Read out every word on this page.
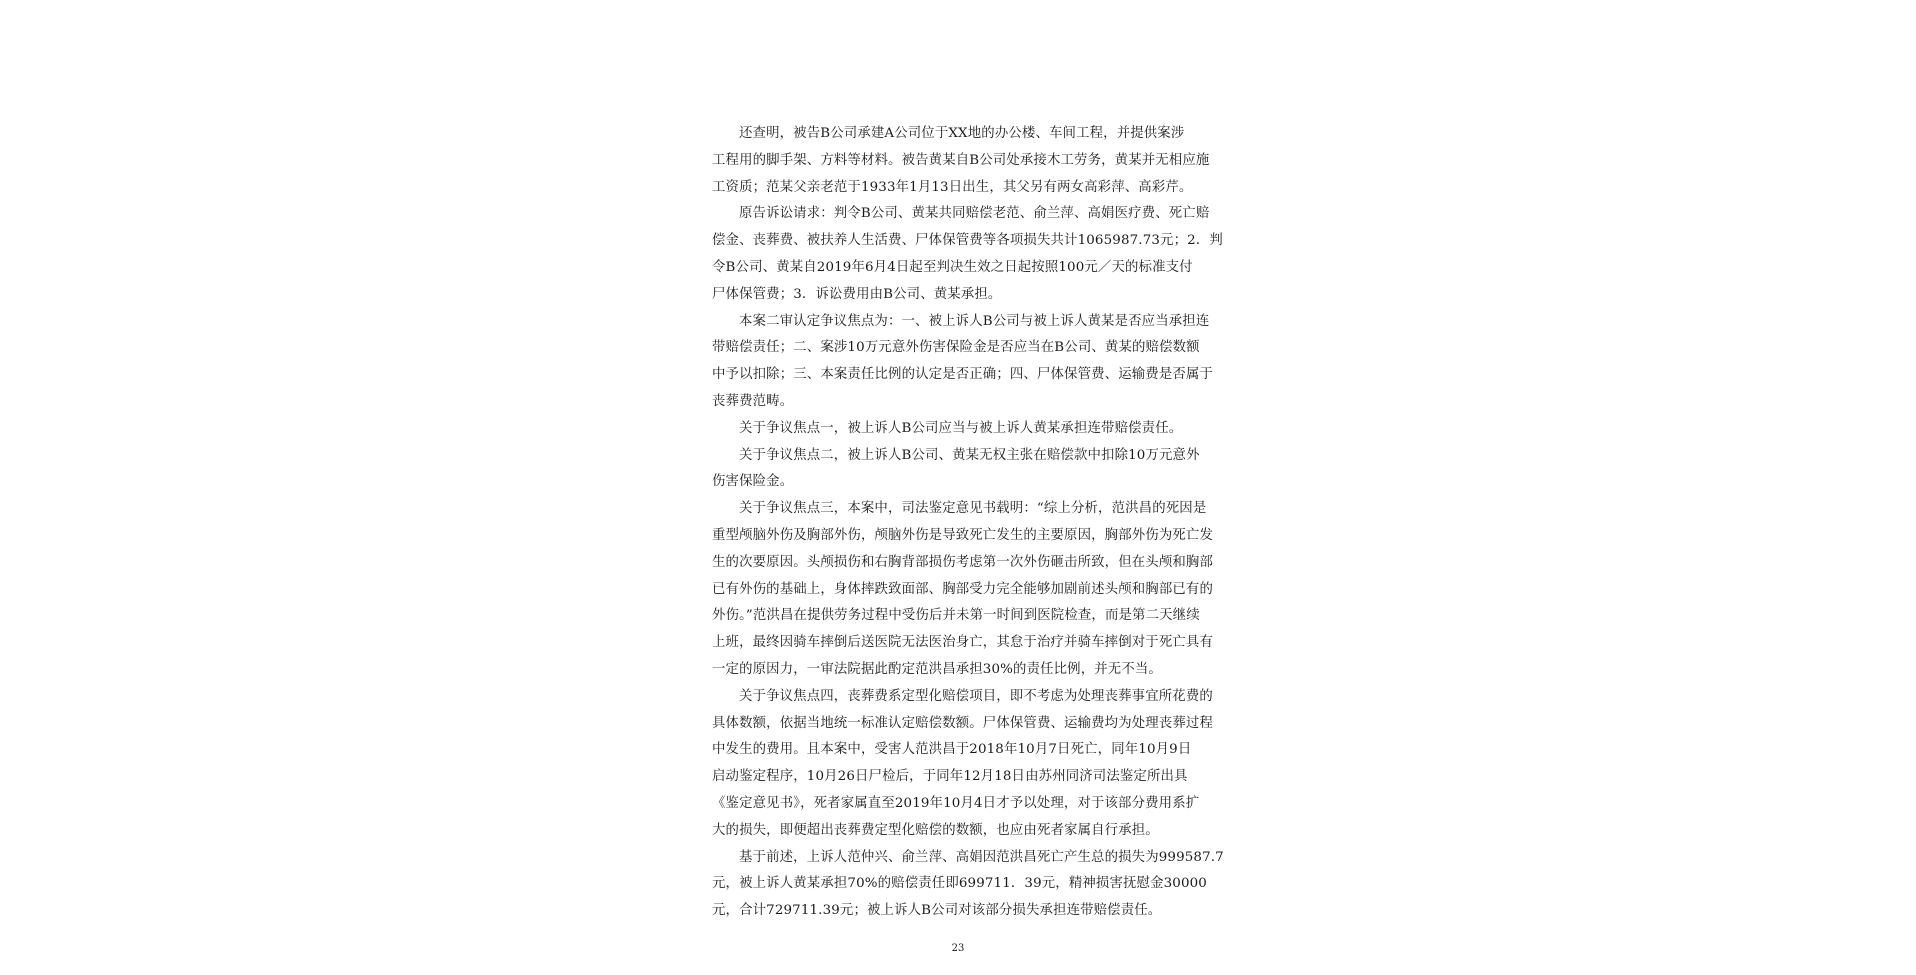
还查明，被告B公司承建A公司位于XX地的办公楼、车间工程，并提供案涉
工程用的脚手架、方料等材料。被告黄某自B公司处承接木工劳务，黄某并无相应施
工资质；范某父亲老范于1933年1月13日出生，其父另有两女高彩萍、高彩芹。
原告诉讼请求：判令B公司、黄某共同赔偿老范、俞兰萍、高娟医疗费、死亡赔
偿金、丧葬费、被扶养人生活费、尸体保管费等各项损失共计1065987.73元；2．判
令B公司、黄某自2019年6月4日起至判决生效之日起按照100元／天的标准支付
尸体保管费；3．诉讼费用由B公司、黄某承担。
本案二审认定争议焦点为：一、被上诉人B公司与被上诉人黄某是否应当承担连
带赔偿责任；二、案涉10万元意外伤害保险金是否应当在B公司、黄某的赔偿数额
中予以扣除；三、本案责任比例的认定是否正确；四、尸体保管费、运输费是否属于
丧葬费范畴。
关于争议焦点一，被上诉人B公司应当与被上诉人黄某承担连带赔偿责任。
关于争议焦点二，被上诉人B公司、黄某无权主张在赔偿款中扣除10万元意外
伤害保险金。
关于争议焦点三，本案中，司法鉴定意见书载明：“综上分析，范洪昌的死因是
重型颅脑外伤及胸部外伤，颅脑外伤是导致死亡发生的主要原因，胸部外伤为死亡发
生的次要原因。头颅损伤和右胸背部损伤考虑第一次外伤砸击所致，但在头颅和胸部
已有外伤的基础上，身体摔跌致面部、胸部受力完全能够加剧前述头颅和胸部已有的
外伤。”范洪昌在提供劳务过程中受伤后并未第一时间到医院检查，而是第二天继续
上班，最终因骑车摔倒后送医院无法医治身亡，其怠于治疗并骑车摔倒对于死亡具有
一定的原因力，一审法院据此酌定范洪昌承担30%的责任比例，并无不当。
关于争议焦点四，丧葬费系定型化赔偿项目，即不考虑为处理丧葬事宜所花费的
具体数额，依据当地统一标准认定赔偿数额。尸体保管费、运输费均为处理丧葬过程
中发生的费用。且本案中，受害人范洪昌于2018年10月7日死亡，同年10月9日
启动鉴定程序，10月26日尸检后，于同年12月18日由苏州同济司法鉴定所出具
《鉴定意见书》，死者家属直至2019年10月4日才予以处理，对于该部分费用系扩
大的损失，即便超出丧葬费定型化赔偿的数额，也应由死者家属自行承担。
基于前述，上诉人范仲兴、俞兰萍、高娟因范洪昌死亡产生总的损失为999587.7
元，被上诉人黄某承担70%的赔偿责任即699711．39元，精神损害抚慰金30000
元，合计729711.39元；被上诉人B公司对该部分损失承担连带赔偿责任。
23
